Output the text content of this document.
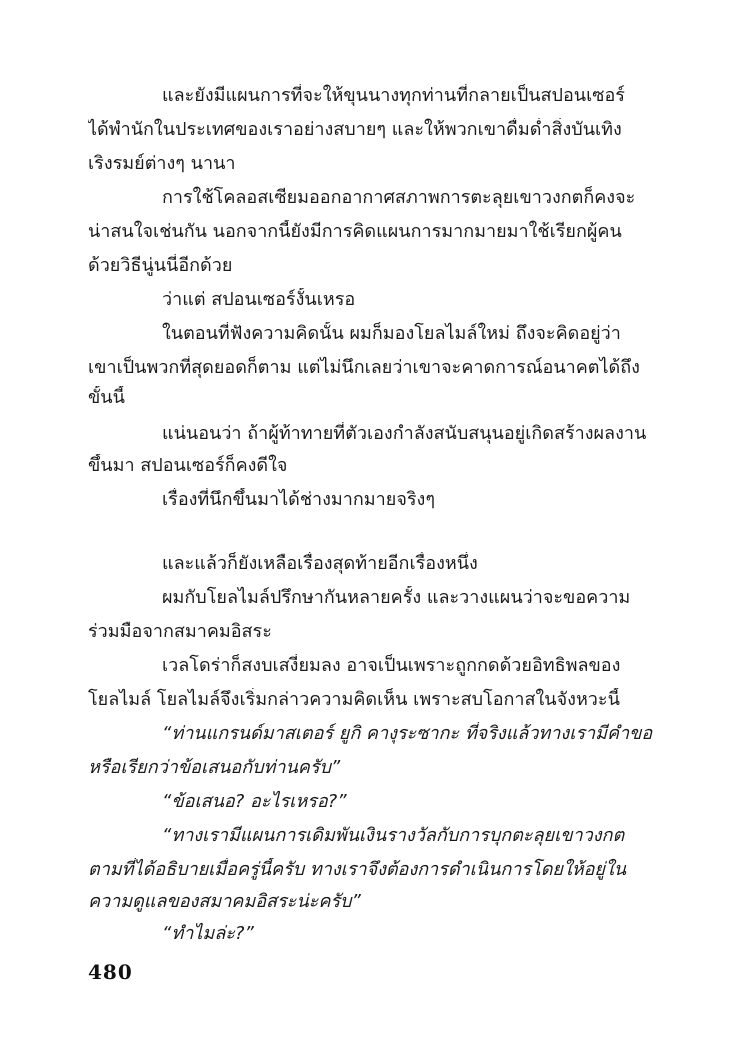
และยังมีแผนการที่จะให้ขุนนางทุกท่านที่กลายเป็นสปอนเซอร์
ได้พำนักในประเทศของเราอย่างสบายๆ และให้พวกเขาดื่มด่ำสิ่งบันเทิง
เริงรมย์ต่างๆ นานา
การใช้โคลอสเซียมออกอากาศสภาพการตะลุยเขาวงกตก็คงจะ
น่าสนใจเช่นกัน นอกจากนี้ยังมีการคิดแผนการมากมายมาใช้เรียกผู้คน
ด้วยวิธีนู่นนี่อีกด้วย
ว่าแต่ สปอนเซอร์งั้นเหรอ
ในตอนที่ฟังความคิดนั้น ผมก็มองโยลไมล์ใหม่ ถึงจะคิดอยู่ว่า
เขาเป็นพวกที่สุดยอดก็ตาม แต่ไม่นึกเลยว่าเขาจะคาดการณ์อนาคตได้ถึง
ขั้นนี้
แน่นอนว่า ถ้าผู้ท้าทายที่ตัวเองกำลังสนับสนุนอยู่เกิดสร้างผลงาน
ขึ้นมา สปอนเซอร์ก็คงดีใจ
เรื่องที่นึกขึ้นมาได้ช่างมากมายจริงๆ
และแล้วก็ยังเหลือเรื่องสุดท้ายอีกเรื่องหนึ่ง
ผมกับโยลไมล์ปรึกษากันหลายครั้ง และวางแผนว่าจะขอความ
ร่วมมือจากสมาคมอิสระ
เวลโดร่าก็สงบเสงี่ยมลง อาจเป็นเพราะถูกกดด้วยอิทธิพลของ
โยลไมล์ โยลไมล์จึงเริ่มกล่าวความคิดเห็น เพราะสบโอกาสในจังหวะนี้
“ท่านแกรนด์มาสเตอร์ ยูกิ คางุระซากะ ที่จริงแล้วทางเรามีคำขอ
หรือเรียกว่าข้อเสนอกับท่านครับ”
“ข้อเสนอ? อะไรเหรอ?”
“ทางเรามีแผนการเดิมพันเงินรางวัลกับการบุกตะลุยเขาวงกต
ตามที่ได้อธิบายเมื่อครู่นี้ครับ ทางเราจึงต้องการดำเนินการโดยให้อยู่ใน
ความดูแลของสมาคมอิสระน่ะครับ”
“ทำไมล่ะ?”
480
